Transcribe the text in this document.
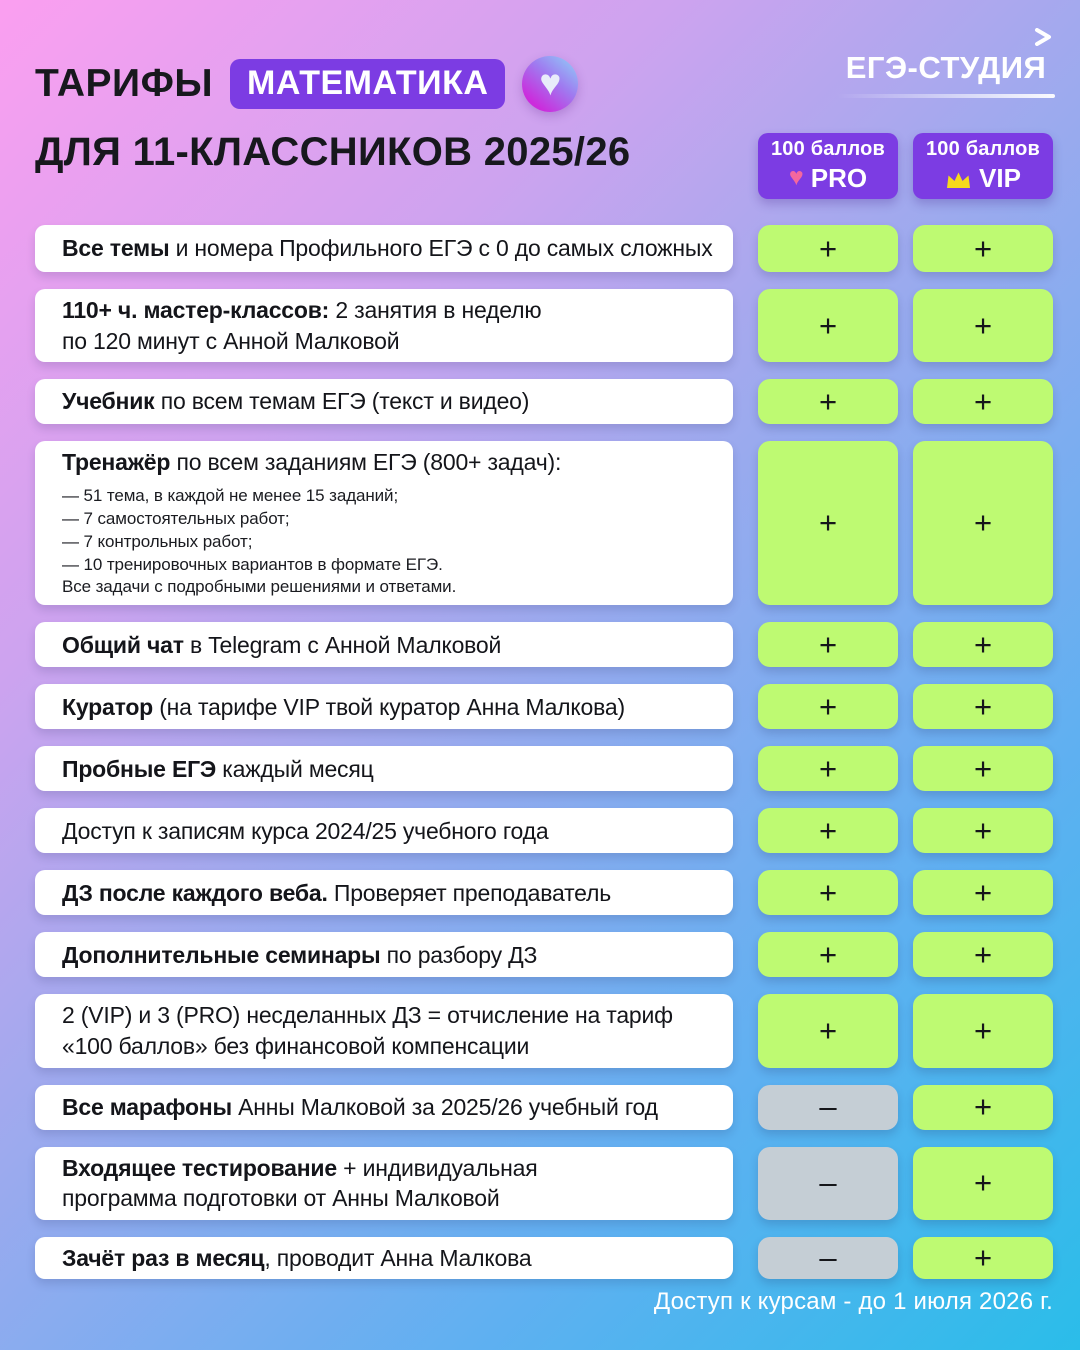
ТАРИФЫ	МАТЕМАТИКА	♥
ДЛЯ 11-КЛАССНИКОВ 2025/26
ЕГЭ-СТУДИЯ
100 баллов
♥ PRO
100 баллов
VIP
Все темы и номера Профильного ЕГЭ с 0 до самых сложных	+	+
110+ ч. мастер-классов: 2 занятия в неделю
по 120 минут с Анной Малковой	+	+
Учебник по всем темам ЕГЭ (текст и видео)	+	+
Тренажёр по всем заданиям ЕГЭ (800+ задач):
— 51 тема, в каждой не менее 15 заданий;
— 7 самостоятельных работ;
— 7 контрольных работ;
— 10 тренировочных вариантов в формате ЕГЭ.
Все задачи с подробными решениями и ответами.
+	+
Общий чат в Telegram с Анной Малковой	+	+
Куратор (на тарифе VIP твой куратор Анна Малкова)	+	+
Пробные ЕГЭ каждый месяц	+	+
Доступ к записям курса 2024/25 учебного года	+	+
ДЗ после каждого веба. Проверяет преподаватель	+	+
Дополнительные семинары по разбору ДЗ	+	+
2 (VIP) и 3 (PRO) несделанных ДЗ = отчисление на тариф
«100 баллов» без финансовой компенсации	+	+
Все марафоны Анны Малковой за 2025/26 учебный год	–	+
Входящее тестирование + индивидуальная
программа подготовки от Анны Малковой	–	+
Зачёт раз в месяц, проводит Анна Малкова	–	+
Доступ к курсам - до 1 июля 2026 г.
